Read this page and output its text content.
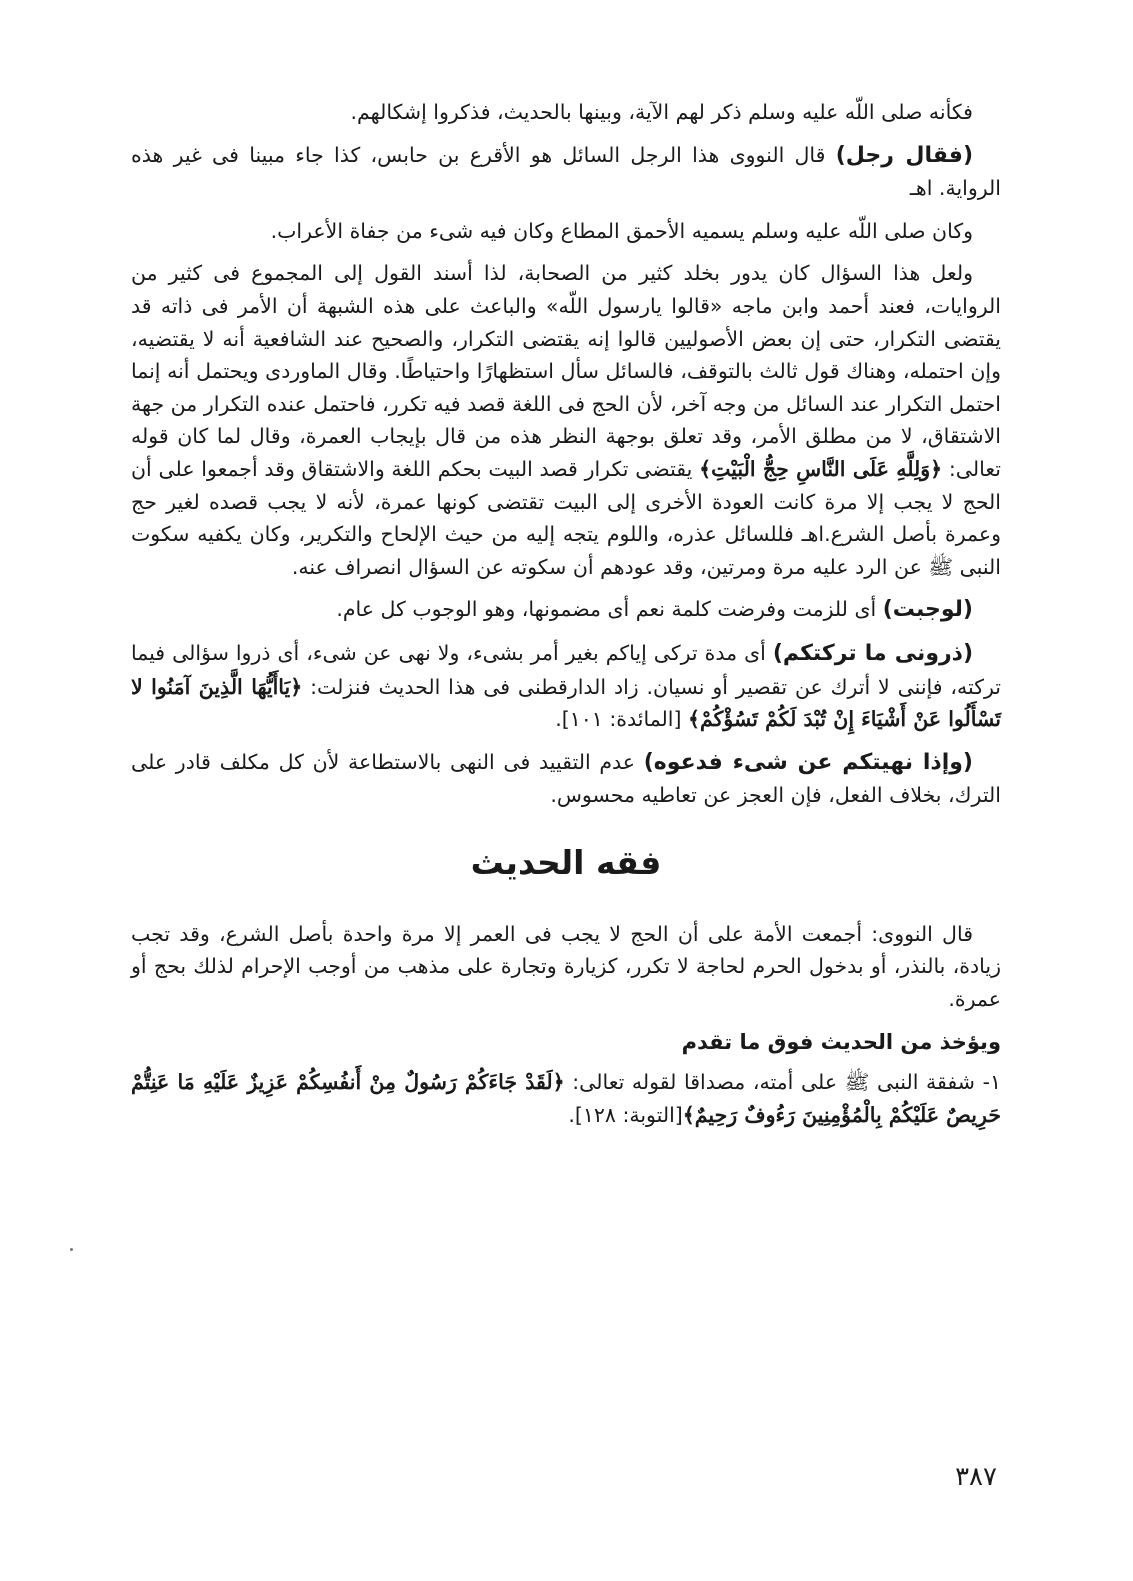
فكأنه صلى اللّه عليه وسلم ذكر لهم الآية، وبينها بالحديث، فذكروا إشكالهم.

(فقال رجل) قال النووى هذا الرجل السائل هو الأقرع بن حابس، كذا جاء مبينا فى غير هذه الرواية. اهـ

وكان صلى اللّه عليه وسلم يسميه الأحمق المطاع وكان فيه شىء من جفاة الأعراب.

ولعل هذا السؤال كان يدور بخلد كثير من الصحابة، لذا أسند القول إلى المجموع فى كثير من الروايات، فعند أحمد وابن ماجه «قالوا يارسول اللّه» والباعث على هذه الشبهة أن الأمر فى ذاته قد يقتضى التكرار، حتى إن بعض الأصوليين قالوا إنه يقتضى التكرار، والصحيح عند الشافعية أنه لا يقتضيه، وإن احتمله، وهناك قول ثالث بالتوقف، فالسائل سأل استظهارًا واحتياطًا. وقال الماوردى ويحتمل أنه إنما احتمل التكرار عند السائل من وجه آخر، لأن الحج فى اللغة قصد فيه تكرر، فاحتمل عنده التكرار من جهة الاشتقاق، لا من مطلق الأمر، وقد تعلق بوجهة النظر هذه من قال بإيجاب العمرة، وقال لما كان قوله تعالى: ﴿وَلِلَّهِ عَلَى النَّاسِ حِجُّ الْبَيْتِ﴾ يقتضى تكرار قصد البيت بحكم اللغة والاشتقاق وقد أجمعوا على أن الحج لا يجب إلا مرة كانت العودة الأخرى إلى البيت تقتضى كونها عمرة، لأنه لا يجب قصده لغير حج وعمرة بأصل الشرع.اهـ فللسائل عذره، واللوم يتجه إليه من حيث الإلحاح والتكرير، وكان يكفيه سكوت النبى ﷺ عن الرد عليه مرة ومرتين، وقد عودهم أن سكوته عن السؤال انصراف عنه.

(لوجبت) أى للزمت وفرضت كلمة نعم أى مضمونها، وهو الوجوب كل عام.

(ذرونى ما تركتكم) أى مدة تركى إياكم بغير أمر بشىء، ولا نهى عن شىء، أى ذروا سؤالى فيما تركته، فإننى لا أترك عن تقصير أو نسيان. زاد الدارقطنى فى هذا الحديث فنزلت: ﴿يَاأَيُّهَا الَّذِينَ آمَنُوا لا تَسْأَلُوا عَنْ أَشْيَاءَ إِنْ تُبْدَ لَكُمْ تَسُؤْكُمْ﴾ [المائدة: ١٠١].

(وإذا نهيتكم عن شىء فدعوه) عدم التقييد فى النهى بالاستطاعة لأن كل مكلف قادر على الترك، بخلاف الفعل، فإن العجز عن تعاطيه محسوس.

فقه الحديث

قال النووى: أجمعت الأمة على أن الحج لا يجب فى العمر إلا مرة واحدة بأصل الشرع، وقد تجب زيادة، بالنذر، أو بدخول الحرم لحاجة لا تكرر، كزيارة وتجارة على مذهب من أوجب الإحرام لذلك بحج أو عمرة.

ويؤخذ من الحديث فوق ما تقدم

١- شفقة النبى ﷺ على أمته، مصداقا لقوله تعالى: ﴿لَقَدْ جَاءَكُمْ رَسُولٌ مِنْ أَنفُسِكُمْ عَزِيزٌ عَلَيْهِ مَا عَنِتُّمْ حَرِيصٌ عَلَيْكُمْ بِالْمُؤْمِنِينَ رَءُوفٌ رَحِيمٌ﴾[التوبة: ١٢٨].

٣٨٧
